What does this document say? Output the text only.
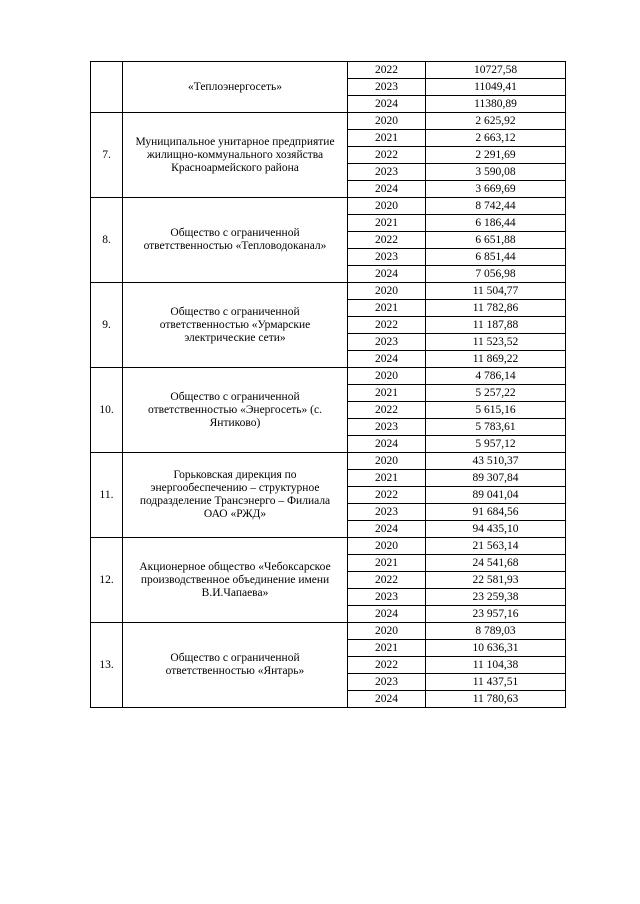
	«Теплоэнергосеть»	2022	10727,58
		2023	11049,41
		2024	11380,89
7.	Муниципальное унитарное предприятие жилищно-коммунального хозяйства Красноармейского района	2020	2 625,92
		2021	2 663,12
		2022	2 291,69
		2023	3 590,08
		2024	3 669,69
8.	Общество с ограниченной ответственностью «Тепловодоканал»	2020	8 742,44
		2021	6 186,44
		2022	6 651,88
		2023	6 851,44
		2024	7 056,98
9.	Общество с ограниченной ответственностью «Урмарские электрические сети»	2020	11 504,77
		2021	11 782,86
		2022	11 187,88
		2023	11 523,52
		2024	11 869,22
10.	Общество с ограниченной ответственностью «Энергосеть» (с. Янтиково)	2020	4 786,14
		2021	5 257,22
		2022	5 615,16
		2023	5 783,61
		2024	5 957,12
11.	Горьковская дирекция по энергообеспечению – структурное подразделение Трансэнерго – Филиала ОАО «РЖД»	2020	43 510,37
		2021	89 307,84
		2022	89 041,04
		2023	91 684,56
		2024	94 435,10
12.	Акционерное общество «Чебоксарское производственное объединение имени В.И.Чапаева»	2020	21 563,14
		2021	24 541,68
		2022	22 581,93
		2023	23 259,38
		2024	23 957,16
13.	Общество с ограниченной ответственностью «Янтарь»	2020	8 789,03
		2021	10 636,31
		2022	11 104,38
		2023	11 437,51
		2024	11 780,63
